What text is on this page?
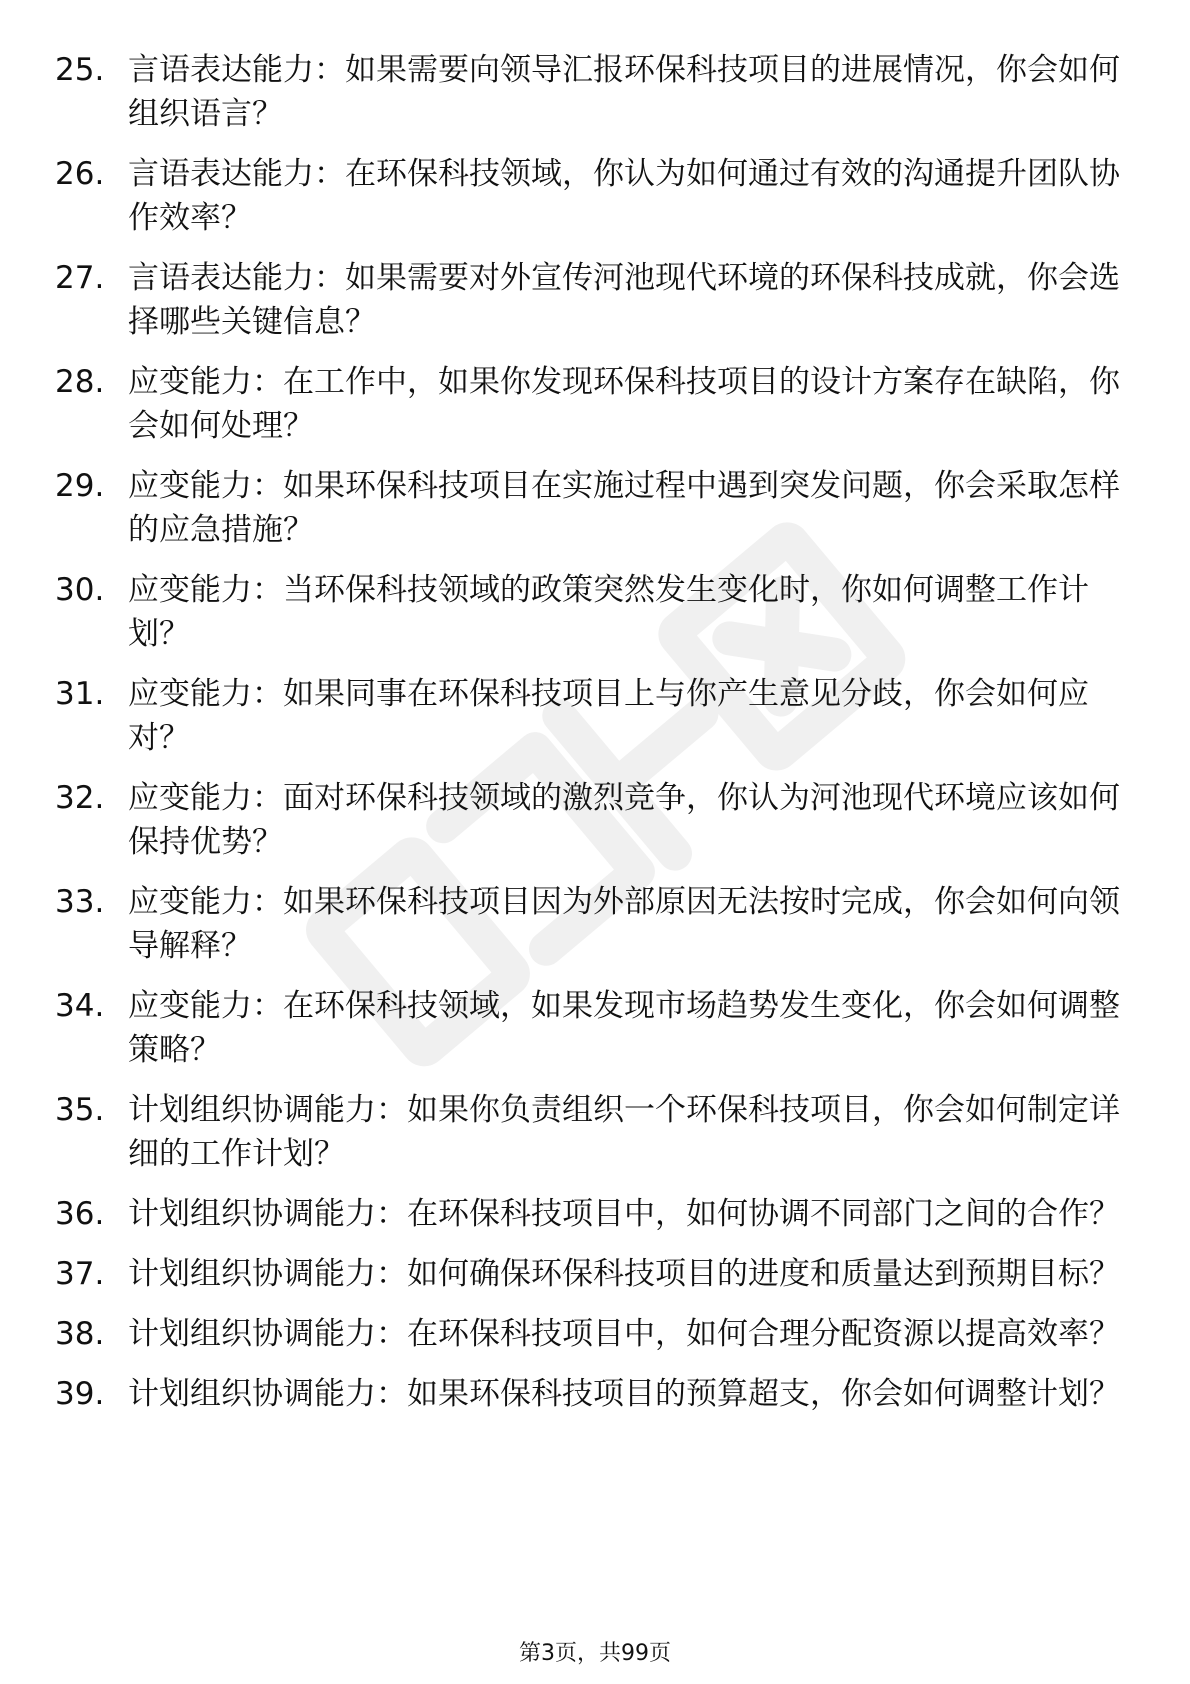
25. 言语表达能力：如果需要向领导汇报环保科技项目的进展情况，你会如何组织语言？
26. 言语表达能力：在环保科技领域，你认为如何通过有效的沟通提升团队协作效率？
27. 言语表达能力：如果需要对外宣传河池现代环境的环保科技成就，你会选择哪些关键信息？
28. 应变能力：在工作中，如果你发现环保科技项目的设计方案存在缺陷，你会如何处理？
29. 应变能力：如果环保科技项目在实施过程中遇到突发问题，你会采取怎样的应急措施？
30. 应变能力：当环保科技领域的政策突然发生变化时，你如何调整工作计划？
31. 应变能力：如果同事在环保科技项目上与你产生意见分歧，你会如何应对？
32. 应变能力：面对环保科技领域的激烈竞争，你认为河池现代环境应该如何保持优势？
33. 应变能力：如果环保科技项目因为外部原因无法按时完成，你会如何向领导解释？
34. 应变能力：在环保科技领域，如果发现市场趋势发生变化，你会如何调整策略？
35. 计划组织协调能力：如果你负责组织一个环保科技项目，你会如何制定详细的工作计划？
36. 计划组织协调能力：在环保科技项目中，如何协调不同部门之间的合作？
37. 计划组织协调能力：如何确保环保科技项目的进度和质量达到预期目标？
38. 计划组织协调能力：在环保科技项目中，如何合理分配资源以提高效率？
39. 计划组织协调能力：如果环保科技项目的预算超支，你会如何调整计划？
第3页，共99页
